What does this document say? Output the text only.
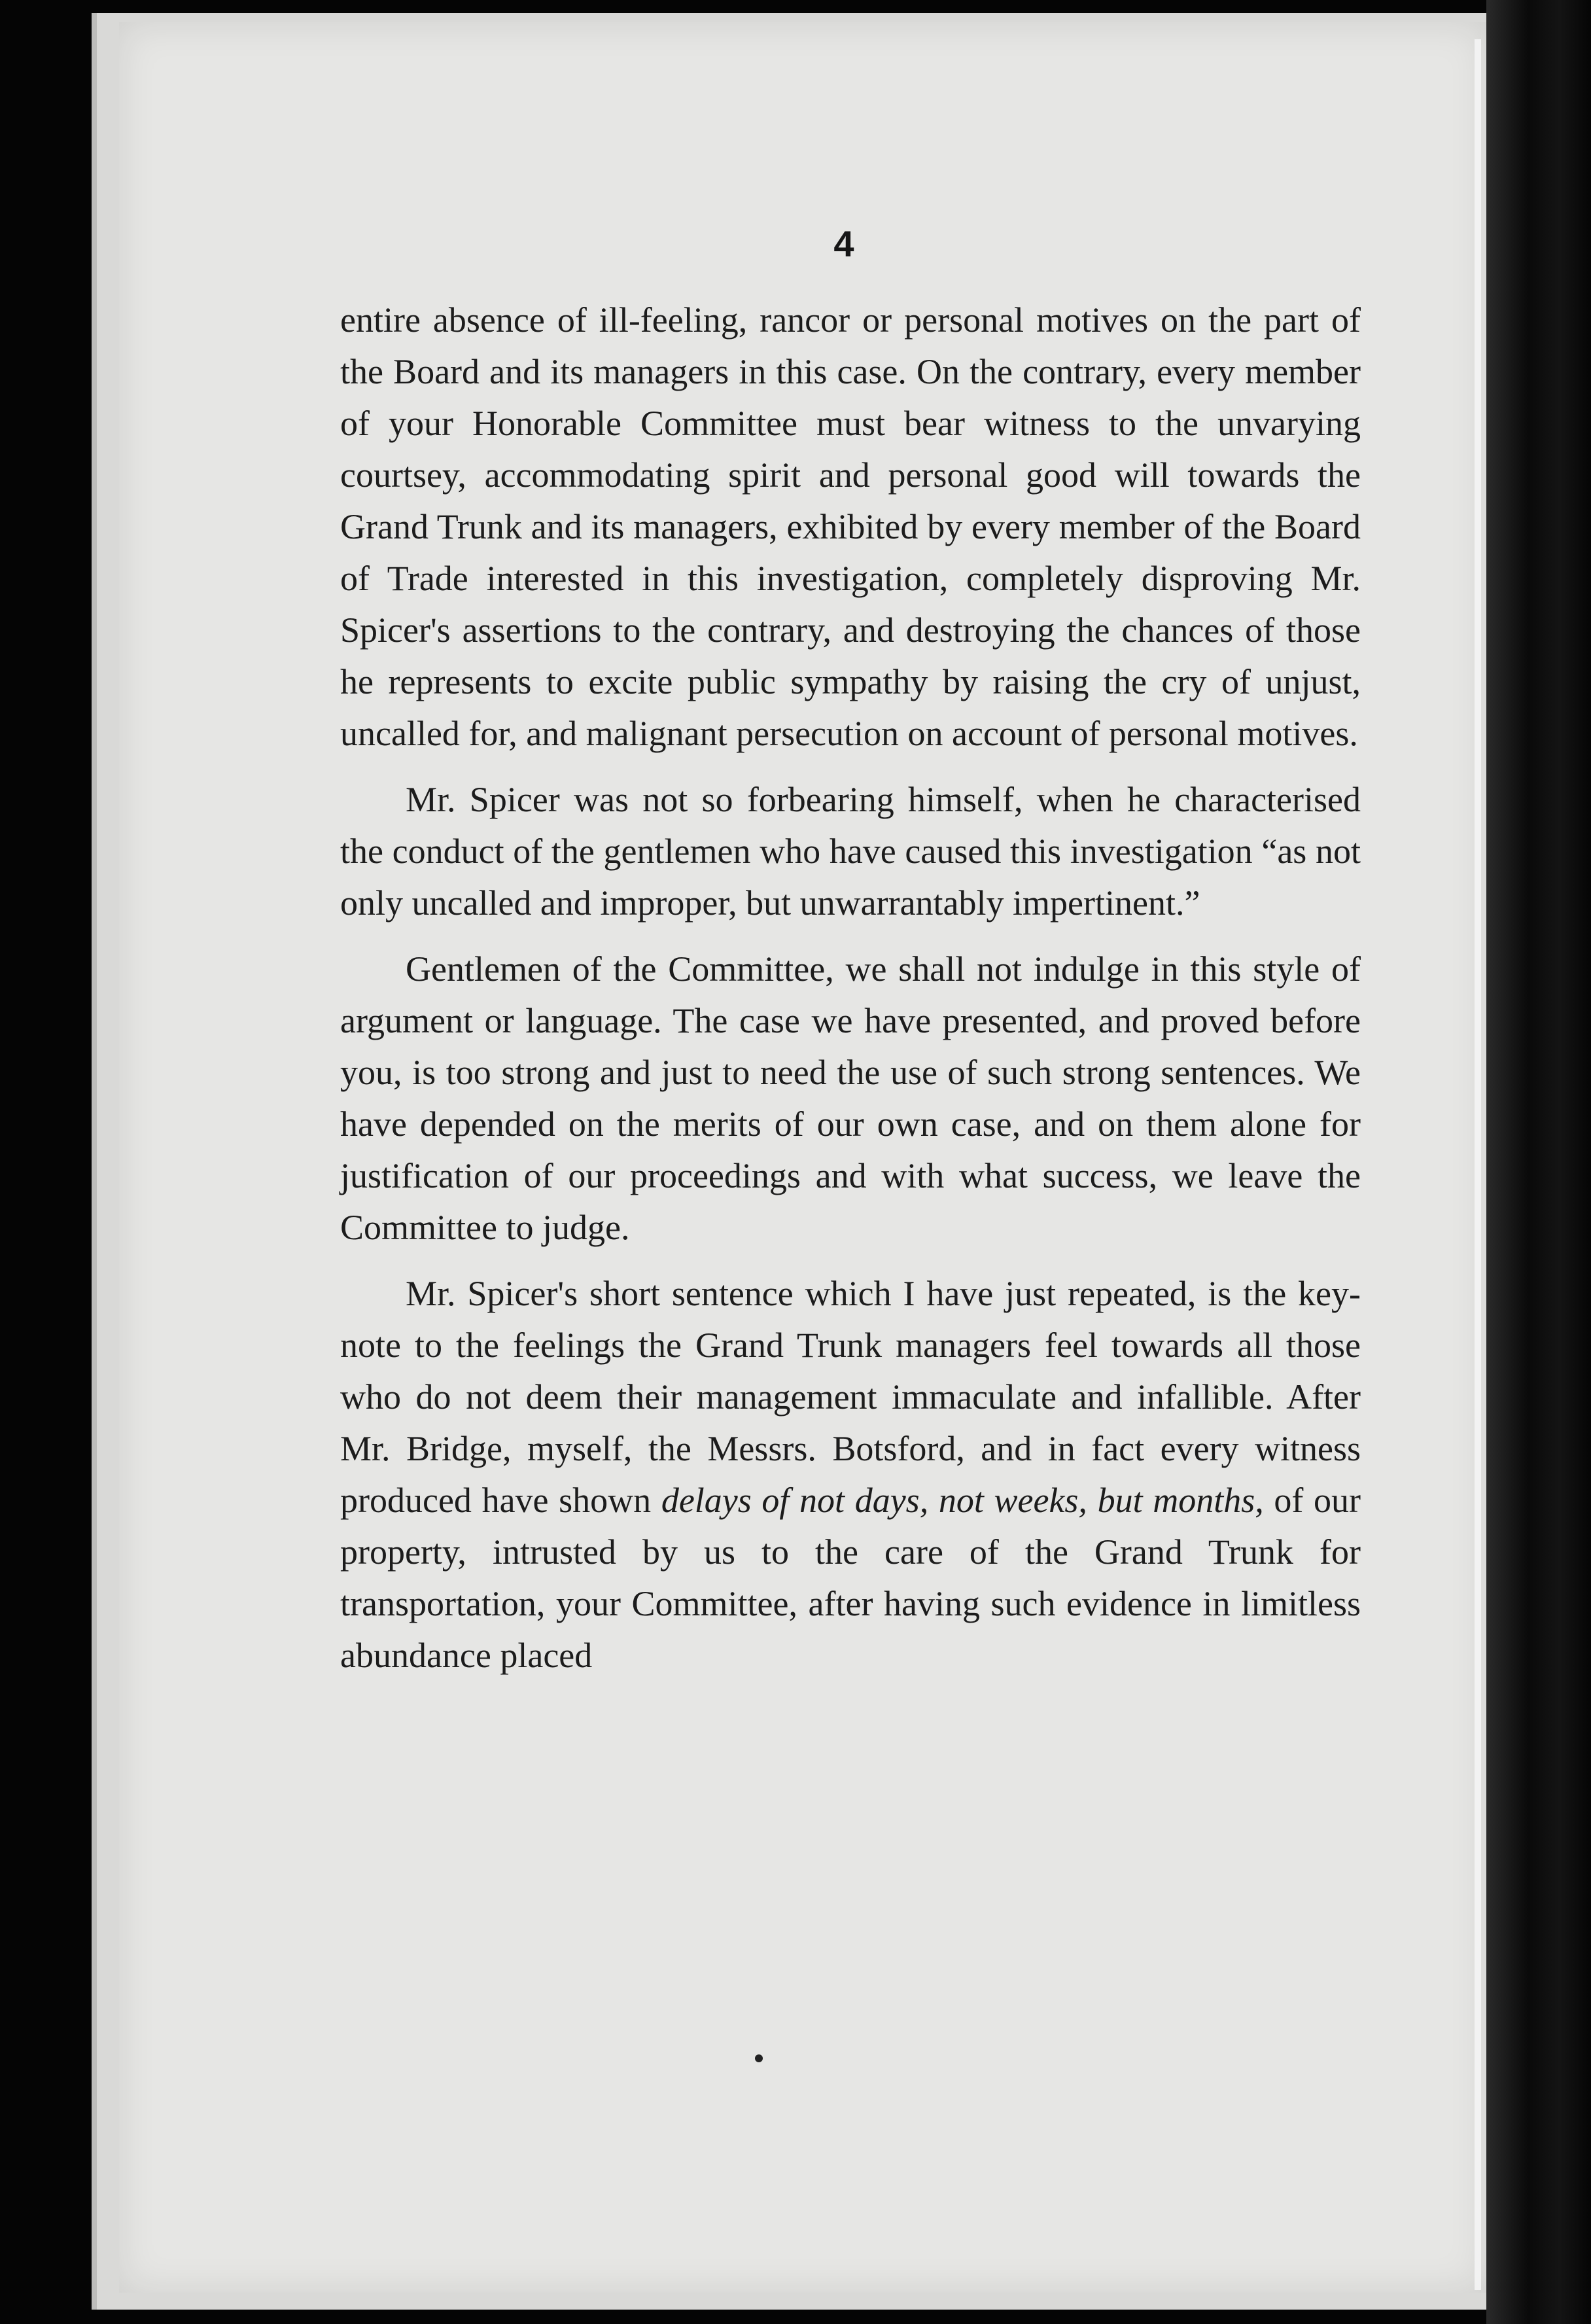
4

entire absence of ill-feeling, rancor or personal motives on the part of the Board and its managers in this case. On the contrary, every member of your Honorable Committee must bear witness to the unvarying courtsey, accommodating spirit and personal good will towards the Grand Trunk and its managers, exhibited by every member of the Board of Trade interested in this investigation, completely disproving Mr. Spicer's assertions to the contrary, and destroying the chances of those he represents to excite public sympathy by raising the cry of unjust, uncalled for, and malignant persecution on account of personal motives.

Mr. Spicer was not so forbearing himself, when he characterised the conduct of the gentlemen who have caused this investigation “as not only uncalled and improper, but unwarrantably impertinent.”

Gentlemen of the Committee, we shall not indulge in this style of argument or language. The case we have presented, and proved before you, is too strong and just to need the use of such strong sentences. We have depended on the merits of our own case, and on them alone for justification of our proceedings and with what success, we leave the Committee to judge.

Mr. Spicer's short sentence which I have just repeated, is the key-note to the feelings the Grand Trunk managers feel towards all those who do not deem their management immaculate and infallible. After Mr. Bridge, myself, the Messrs. Botsford, and in fact every witness produced have shown delays of not days, not weeks, but months, of our property, intrusted by us to the care of the Grand Trunk for transportation, your Committee, after having such evidence in limitless abundance placed
